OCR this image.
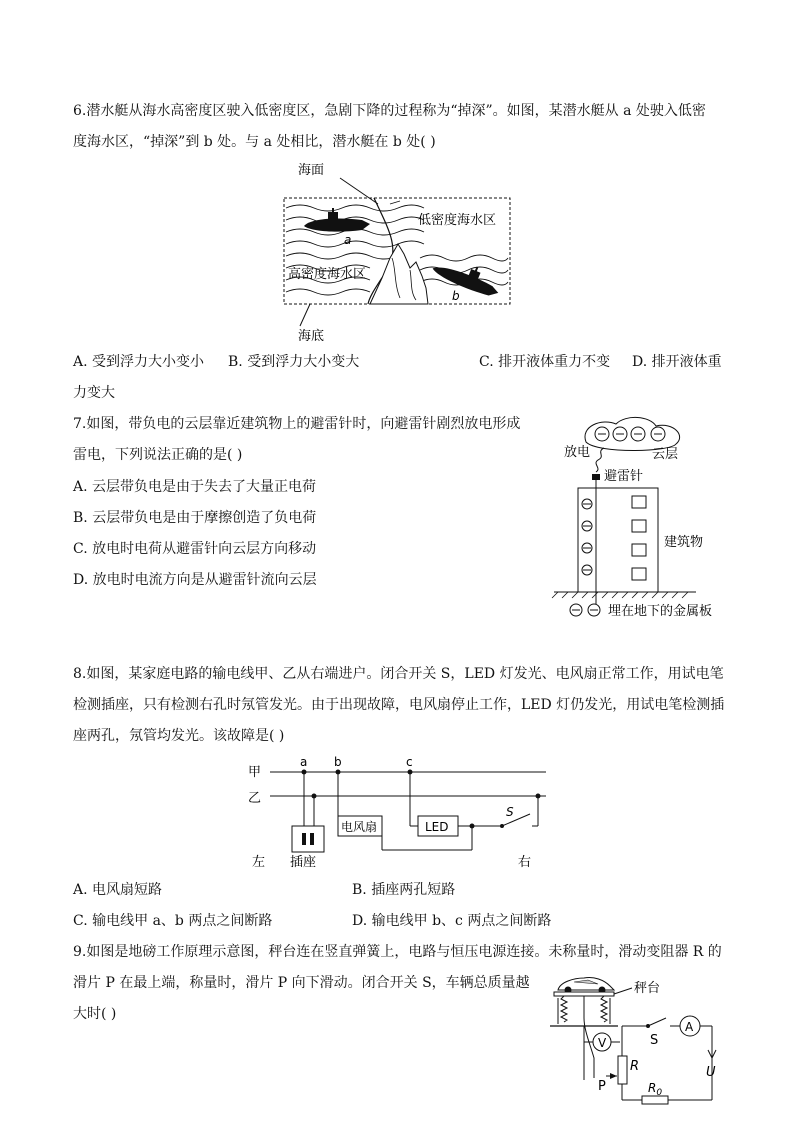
6.潜水艇从海水高密度区驶入低密度区，急剧下降的过程称为“掉深”。如图，某潜水艇从 a 处驶入低密
度海水区，“掉深”到 b 处。与 a 处相比，潜水艇在 b 处( )
海面
a
低密度海水区
高密度海水区
b
海底
A. 受到浮力大小变小 B. 受到浮力大小变大	C. 排开液体重力不变 D. 排开液体重
力变大
7.如图，带负电的云层靠近建筑物上的避雷针时，向避雷针剧烈放电形成
雷电，下列说法正确的是( )
A. 云层带负电是由于失去了大量正电荷
B. 云层带负电是由于摩擦创造了负电荷
C. 放电时电荷从避雷针向云层方向移动
D. 放电时电流方向是从避雷针流向云层
放电	云层
避雷针
建筑物
埋在地下的金属板
8.如图，某家庭电路的输电线甲、乙从右端进户。闭合开关 S，LED 灯发光、电风扇正常工作，用试电笔
检测插座，只有检测右孔时氖管发光。由于出现故障，电风扇停止工作，LED 灯仍发光，用试电笔检测插
座两孔，氖管均发光。该故障是( )
甲
乙
a b	c
插座
电风扇	LED
S
左	右
A. 电风扇短路	B. 插座两孔短路
C. 输电线甲 a、b 两点之间断路	D. 输电线甲 b、c 两点之间断路
9.如图是地磅工作原理示意图，秤台连在竖直弹簧上，电路与恒压电源连接。未称量时，滑动变阻器 R 的
滑片 P 在最上端，称量时，滑片 P 向下滑动。闭合开关 S，车辆总质量越
大时( )
秤台
V
R
P
S
A
U
$R_0$
